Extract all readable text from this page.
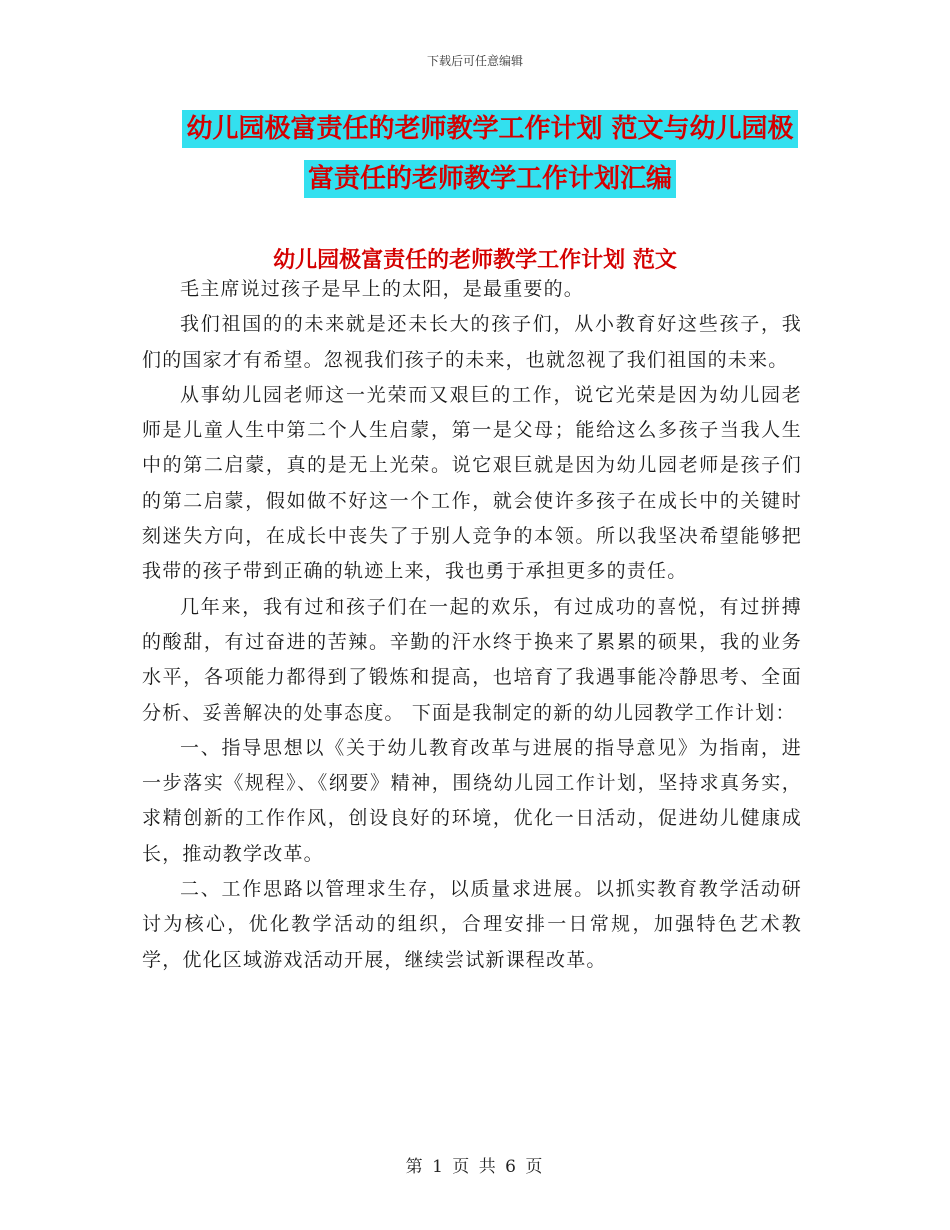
下载后可任意编辑
幼儿园极富责任的老师教学工作计划 范文与幼儿园极
富责任的老师教学工作计划汇编
幼儿园极富责任的老师教学工作计划 范文

毛主席说过孩子是早上的太阳，是最重要的。

我们祖国的的未来就是还未长大的孩子们，从小教育好这些孩子，我们的国家才有希望。忽视我们孩子的未来，也就忽视了我们祖国的未来。

从事幼儿园老师这一光荣而又艰巨的工作，说它光荣是因为幼儿园老师是儿童人生中第二个人生启蒙，第一是父母；能给这么多孩子当我人生中的第二启蒙，真的是无上光荣。说它艰巨就是因为幼儿园老师是孩子们的第二启蒙，假如做不好这一个工作，就会使许多孩子在成长中的关键时刻迷失方向，在成长中丧失了于别人竞争的本领。所以我坚决希望能够把我带的孩子带到正确的轨迹上来，我也勇于承担更多的责任。

几年来，我有过和孩子们在一起的欢乐，有过成功的喜悦，有过拼搏的酸甜，有过奋进的苦辣。辛勤的汗水终于换来了累累的硕果，我的业务水平，各项能力都得到了锻炼和提高，也培育了我遇事能冷静思考、全面分析、妥善解决的处事态度。 下面是我制定的新的幼儿园教学工作计划：

一、指导思想以《关于幼儿教育改革与进展的指导意见》为指南，进一步落实《规程》、《纲要》精神，围绕幼儿园工作计划，坚持求真务实，求精创新的工作作风，创设良好的环境，优化一日活动，促进幼儿健康成长，推动教学改革。

二、工作思路以管理求生存，以质量求进展。以抓实教育教学活动研讨为核心，优化教学活动的组织，合理安排一日常规，加强特色艺术教学，优化区域游戏活动开展，继续尝试新课程改革。

第 1 页 共 6 页
